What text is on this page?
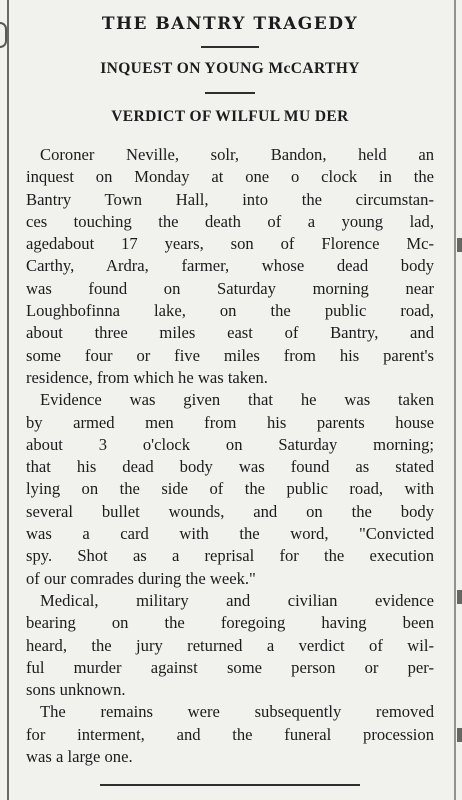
THE BANTRY TRAGEDY
INQUEST ON YOUNG McCARTHY
VERDICT OF WILFUL MU DER
Coroner Neville, solr, Bandon, held an
inquest on Monday at one o clock in the
Bantry Town Hall, into the circumstan-
ces touching the death of a young lad,
agedabout 17 years, son of Florence Mc-
Carthy, Ardra, farmer, whose dead body
was found on Saturday morning near
Loughbofinna lake, on the public road,
about three miles east of Bantry, and
some four or five miles from his parent's
residence, from which he was taken.
Evidence was given that he was taken
by armed men from his parents house
about 3 o'clock on Saturday morning;
that his dead body was found as stated
lying on the side of the public road, with
several bullet wounds, and on the body
was a card with the word, "Convicted
spy. Shot as a reprisal for the execution
of our comrades during the week."
Medical, military and civilian evidence
bearing on the foregoing having been
heard, the jury returned a verdict of wil-
ful murder against some person or per-
sons unknown.
The remains were subsequently removed
for interment, and the funeral procession
was a large one.
